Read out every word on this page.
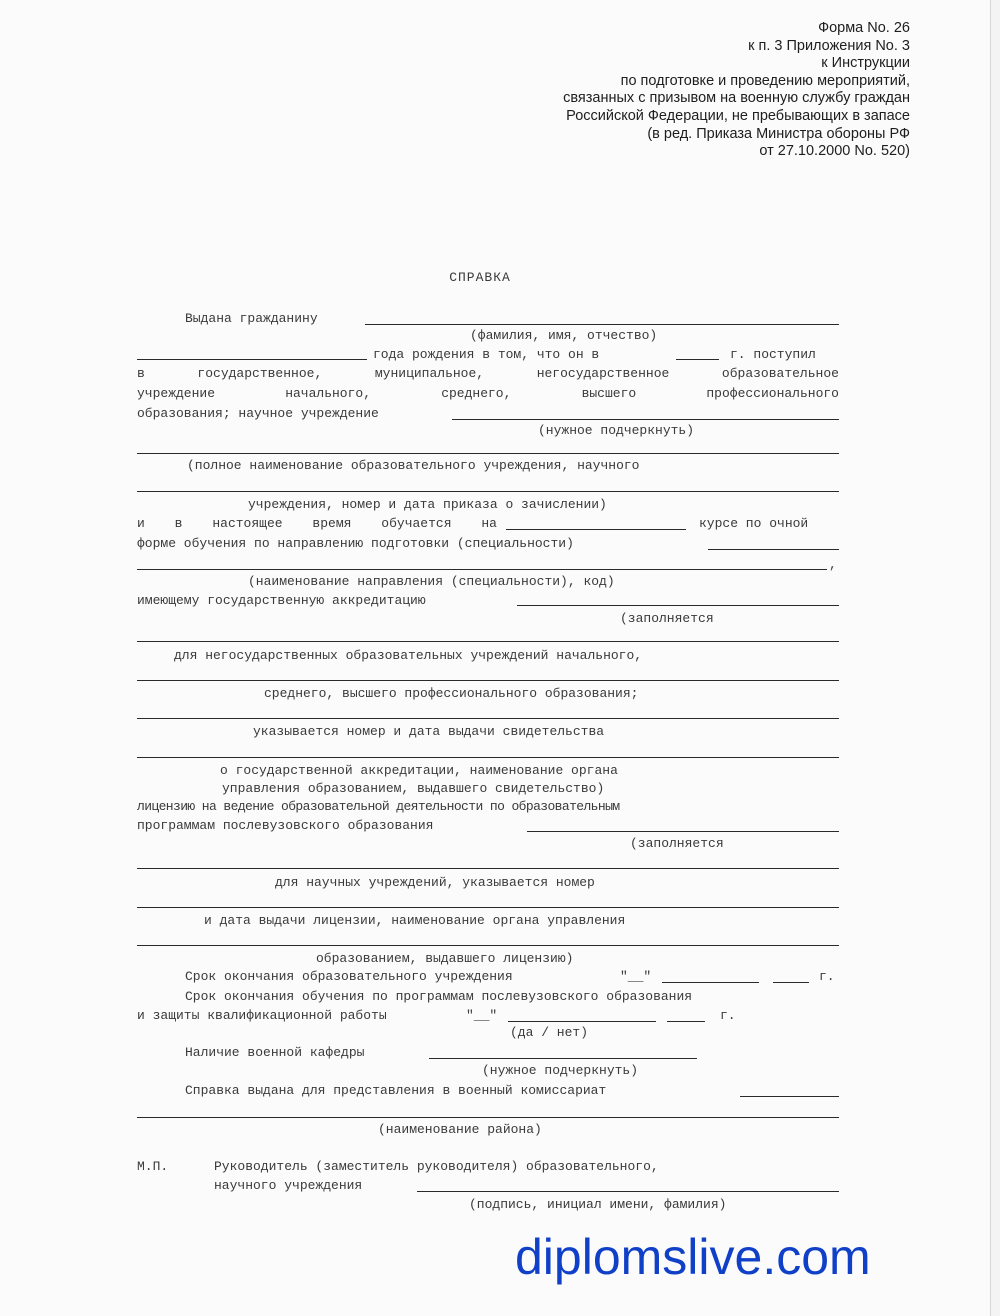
Форма No. 26
к п. 3 Приложения No. 3
к Инструкции
по подготовке и проведению мероприятий,
связанных с призывом на военную службу граждан
Российской Федерации, не пребывающих в запасе
(в ред. Приказа Министра обороны РФ
от 27.10.2000 No. 520)
СПРАВКА
Выдана гражданину
(фамилия, имя, отчество)
года рождения в том, что он в	г. поступил
в	государственное,	муниципальное,	негосударственное	образовательное
учреждение	начального,	среднего,	высшего	профессионального
образования; научное учреждение
(нужное подчеркнуть)
(полное наименование образовательного учреждения, научного
учреждения, номер и дата приказа о зачислении)
и в настоящее время обучается на	курсе по очной
форме обучения по направлению подготовки (специальности)
,
(наименование направления (специальности), код)
имеющему государственную аккредитацию
(заполняется
для негосударственных образовательных учреждений начального,
среднего, высшего профессионального образования;
указывается номер и дата выдачи свидетельства
о государственной аккредитации, наименование органа
управления образованием, выдавшего свидетельство)
лицензию на ведение образовательной деятельности по образовательным
программам послевузовского образования
(заполняется
для научных учреждений, указывается номер
и дата выдачи лицензии, наименование органа управления
образованием, выдавшего лицензию)
Срок окончания образовательного учреждения	"__"	г.
Срок окончания обучения по программам послевузовского образования
и защиты квалификационной работы	"__"	г.
(да / нет)
Наличие военной кафедры
(нужное подчеркнуть)
Справка выдана для представления в военный комиссариат
(наименование района)
М.П.	Руководитель (заместитель руководителя) образовательного,
научного учреждения
(подпись, инициал имени, фамилия)
diplomslive.com
